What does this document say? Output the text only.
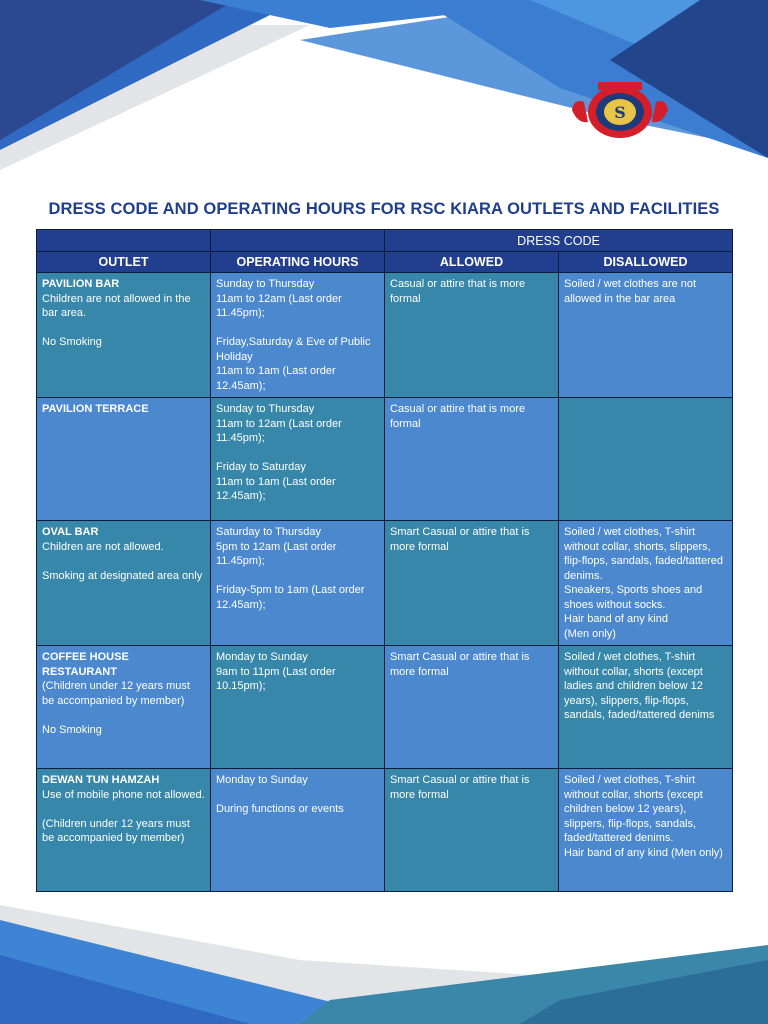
S
DRESS CODE AND OPERATING HOURS FOR RSC KIARA OUTLETS AND FACILITIES
		DRESS CODE	
OUTLET	OPERATING HOURS	ALLOWED	DISALLOWED

PAVILION BAR
Children are not allowed in the bar area.
No Smoking	Sunday to Thursday
11am to 12am (Last order 11.45pm);
Friday,Saturday & Eve of Public Holiday
11am to 1am (Last order 12.45am);	Casual or attire that is more formal	Soiled / wet clothes are not allowed in the bar area

PAVILION TERRACE	Sunday to Thursday
11am to 12am (Last order 11.45pm);
Friday to Saturday
11am to 1am (Last order 12.45am);	Casual or attire that is more formal	

OVAL BAR
Children are not allowed.
Smoking at designated area only	Saturday to Thursday
5pm to 12am (Last order 11.45pm);
Friday-5pm to 1am (Last order 12.45am);	Smart Casual or attire that is more formal	Soiled / wet clothes, T-shirt without collar, shorts, slippers, flip-flops, sandals, faded/tattered denims.
Sneakers, Sports shoes and shoes without socks.
Hair band of any kind
(Men only)

COFFEE HOUSE RESTAURANT
(Children under 12 years must be accompanied by member)
No Smoking	Monday to Sunday
9am to 11pm (Last order 10.15pm);	Smart Casual or attire that is more formal	Soiled / wet clothes, T-shirt without collar, shorts (except ladies and children below 12 years), slippers, flip-flops, sandals, faded/tattered denims

DEWAN TUN HAMZAH
Use of mobile phone not allowed.
(Children under 12 years must be accompanied by member)	Monday to Sunday
During functions or events	Smart Casual or attire that is more formal	Soiled / wet clothes, T-shirt without collar, shorts (except children below 12 years), slippers, flip-flops, sandals, faded/tattered denims.
Hair band of any kind (Men only)
